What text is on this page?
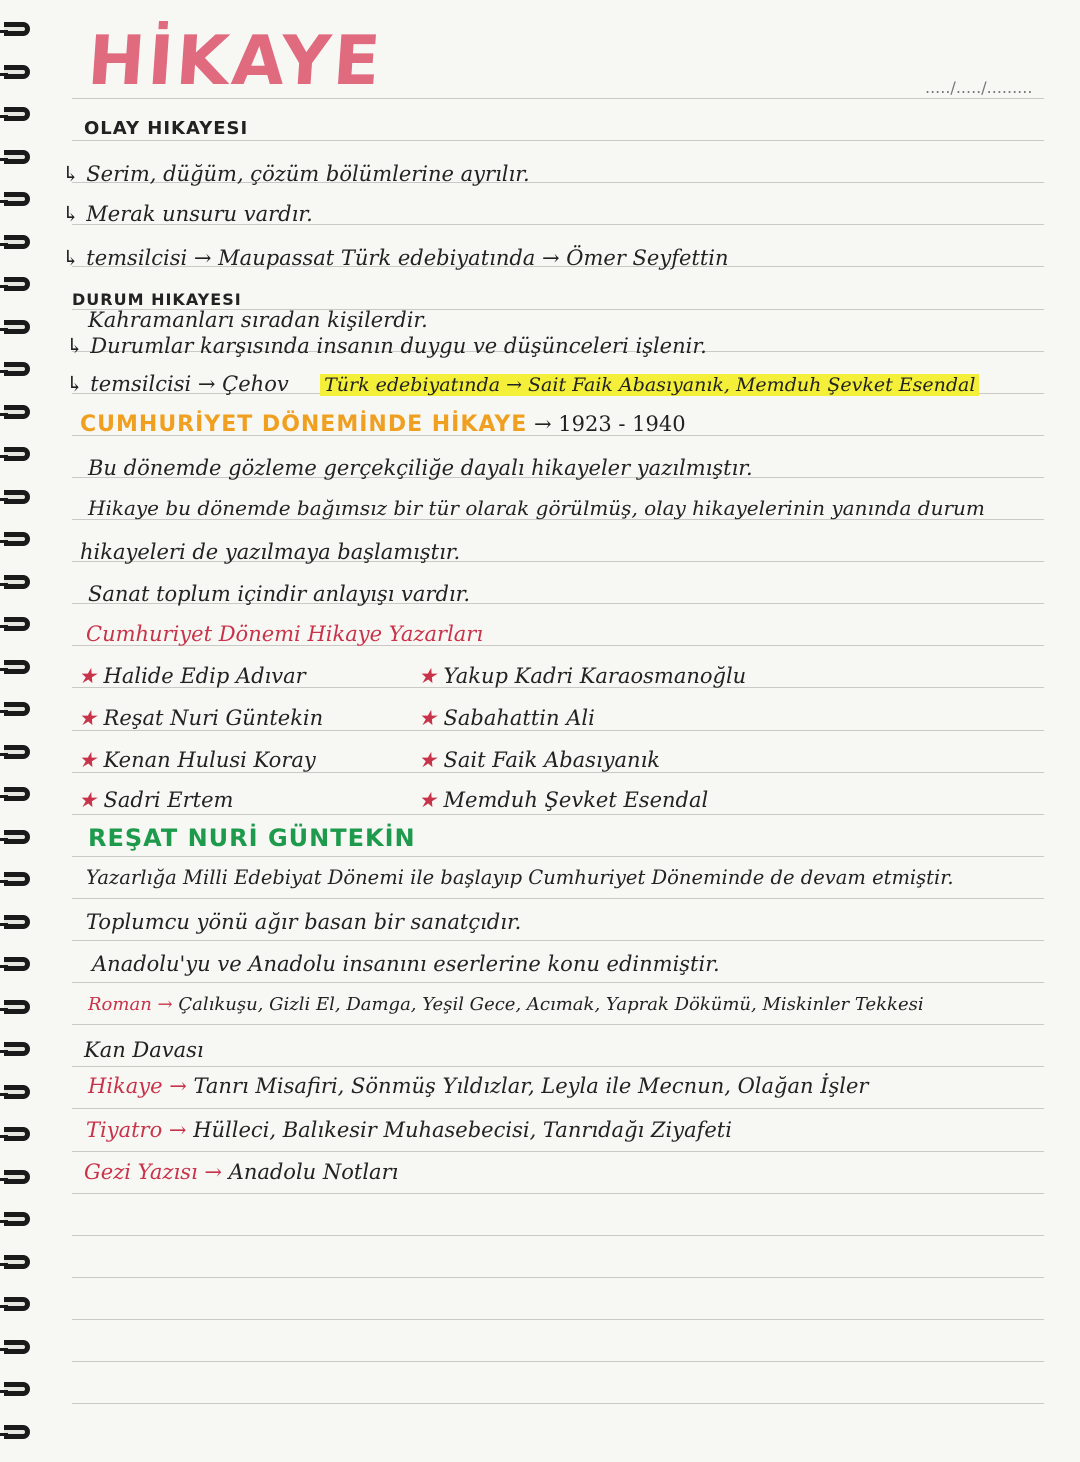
HİKAYE	...../...../.........
OLAY HIKAYESI
↳ Serim, düğüm, çözüm bölümlerine ayrılır.
↳ Merak unsuru vardır.
↳ temsilcisi → Maupassat Türk edebiyatında → Ömer Seyfettin
DURUM HIKAYESI
Kahramanları sıradan kişilerdir.
↳ Durumlar karşısında insanın duygu ve düşünceleri işlenir.
↳ temsilcisi → Çehov Türk edebiyatında → Sait Faik Abasıyanık, Memduh Şevket Esendal
CUMHURİYET DÖNEMİNDE HİKAYE → 1923 - 1940
Bu dönemde gözleme gerçekçiliğe dayalı hikayeler yazılmıştır.
Hikaye bu dönemde bağımsız bir tür olarak görülmüş, olay hikayelerinin yanında durum
hikayeleri de yazılmaya başlamıştır.
Sanat toplum içindir anlayışı vardır.
Cumhuriyet Dönemi Hikaye Yazarları
★ Halide Edip Adıvar
★ Reşat Nuri Güntekin
★ Kenan Hulusi Koray
★ Sadri Ertem
★ Yakup Kadri Karaosmanoğlu
★ Sabahattin Ali
★ Sait Faik Abasıyanık
★ Memduh Şevket Esendal
REŞAT NURİ GÜNTEKİN
Yazarlığa Milli Edebiyat Dönemi ile başlayıp Cumhuriyet Döneminde de devam etmiştir.
Toplumcu yönü ağır basan bir sanatçıdır.
Anadolu'yu ve Anadolu insanını eserlerine konu edinmiştir.
Roman → Çalıkuşu, Gizli El, Damga, Yeşil Gece, Acımak, Yaprak Dökümü, Miskinler Tekkesi
Kan Davası
Hikaye → Tanrı Misafiri, Sönmüş Yıldızlar, Leyla ile Mecnun, Olağan İşler
Tiyatro → Hülleci, Balıkesir Muhasebecisi, Tanrıdağı Ziyafeti
Gezi Yazısı → Anadolu Notları
